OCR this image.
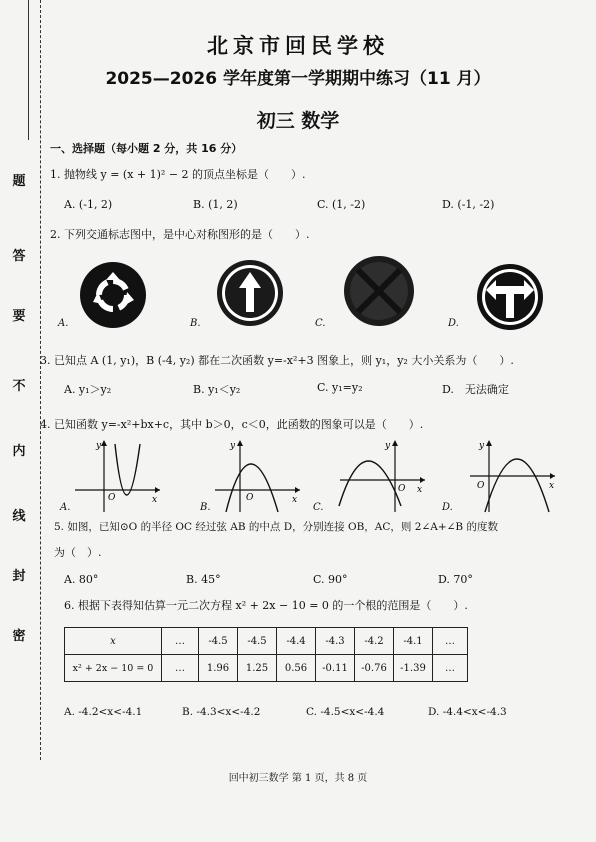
题
答
要
不
内
线
封
密
北京市回民学校
2025—2026 学年度第一学期期中练习（11 月）
初三 数学
一、选择题（每小题 2 分，共 16 分）
1. 抛物线 y = (x + 1)² − 2 的顶点坐标是（　　）.
A. (-1, 2)	B. (1, 2)	C. (1, -2)	D. (-1, -2)
2. 下列交通标志图中，是中心对称图形的是（　　）.
A.	B.	C.	D.
3. 已知点 A (1, y₁)，B (-4, y₂) 都在二次函数 y=-x²+3 图象上，则 y₁，y₂ 大小关系为（　　）.
A. y₁＞y₂	B. y₁＜y₂	C. y₁=y₂	D.　无法确定
4. 已知函数 y=-x²+bx+c，其中 b＞0，c＜0，此函数的图象可以是（　　）.
y
O	x
y
O	x
y
O x
y
O	x
A.	B.	C.	D.
5. 如图，已知⊙O 的半径 OC 经过弦 AB 的中点 D，分别连接 OB，AC，则 2∠A+∠B 的度数
为（　）.
A. 80°	B. 45°	C. 90°	D. 70°
6. 根据下表得知估算一元二次方程 x² + 2x − 10 = 0 的一个根的范围是（　　）.
x	…	-4.5	-4.5	-4.4	-4.3	-4.2	-4.1	…
x² + 2x − 10 = 0	…	1.96	1.25	0.56	-0.11	-0.76	-1.39	…
A. -4.2<x<-4.1	B. -4.3<x<-4.2	C. -4.5<x<-4.4	D. -4.4<x<-4.3
回中初三数学 第 1 页，共 8 页
